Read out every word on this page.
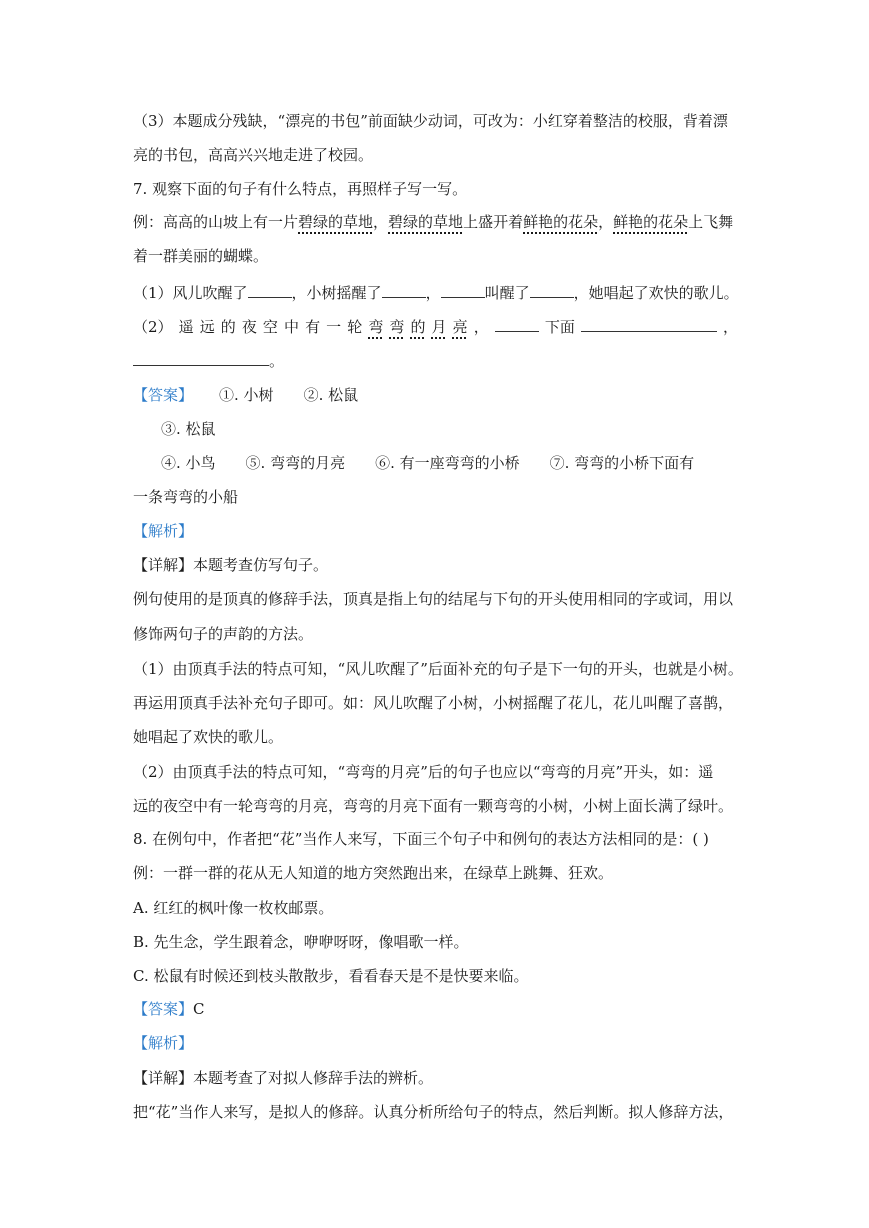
（3）本题成分残缺，“漂亮的书包”前面缺少动词，可改为：小红穿着整洁的校服，背着漂
亮的书包，高高兴兴地走进了校园。
7. 观察下面的句子有什么特点，再照样子写一写。
例：高高的山坡上有一片碧绿的草地，碧绿的草地上盛开着鲜艳的花朵，鲜艳的花朵上飞舞
着一群美丽的蝴蝶。
（1）风儿吹醒了	，小树摇醒了	，	叫醒了	，她唱起了欢快的歌儿。
（2） 遥 远 的 夜 空 中 有 一 轮 弯 弯 的 月 亮 ，	下面	，
。
【答案】 ①. 小树 ②. 松鼠
③. 松鼠
④. 小鸟 ⑤. 弯弯的月亮 ⑥. 有一座弯弯的小桥 ⑦. 弯弯的小桥下面有
一条弯弯的小船
【解析】
【详解】本题考查仿写句子。
例句使用的是顶真的修辞手法，顶真是指上句的结尾与下句的开头使用相同的字或词，用以
修饰两句子的声韵的方法。
（1）由顶真手法的特点可知，“风儿吹醒了”后面补充的句子是下一句的开头，也就是小树。
再运用顶真手法补充句子即可。如：风儿吹醒了小树，小树摇醒了花儿，花儿叫醒了喜鹊，
她唱起了欢快的歌儿。
（2）由顶真手法的特点可知，“弯弯的月亮”后的句子也应以“弯弯的月亮”开头，如：遥
远的夜空中有一轮弯弯的月亮，弯弯的月亮下面有一颗弯弯的小树，小树上面长满了绿叶。
8. 在例句中，作者把“花”当作人来写，下面三个句子中和例句的表达方法相同的是：( )
例：一群一群的花从无人知道的地方突然跑出来，在绿草上跳舞、狂欢。
A. 红红的枫叶像一枚枚邮票。
B. 先生念，学生跟着念，咿咿呀呀，像唱歌一样。
C. 松鼠有时候还到枝头散散步，看看春天是不是快要来临。
【答案】C
【解析】
【详解】本题考查了对拟人修辞手法的辨析。
把“花”当作人来写，是拟人的修辞。认真分析所给句子的特点，然后判断。拟人修辞方法，
